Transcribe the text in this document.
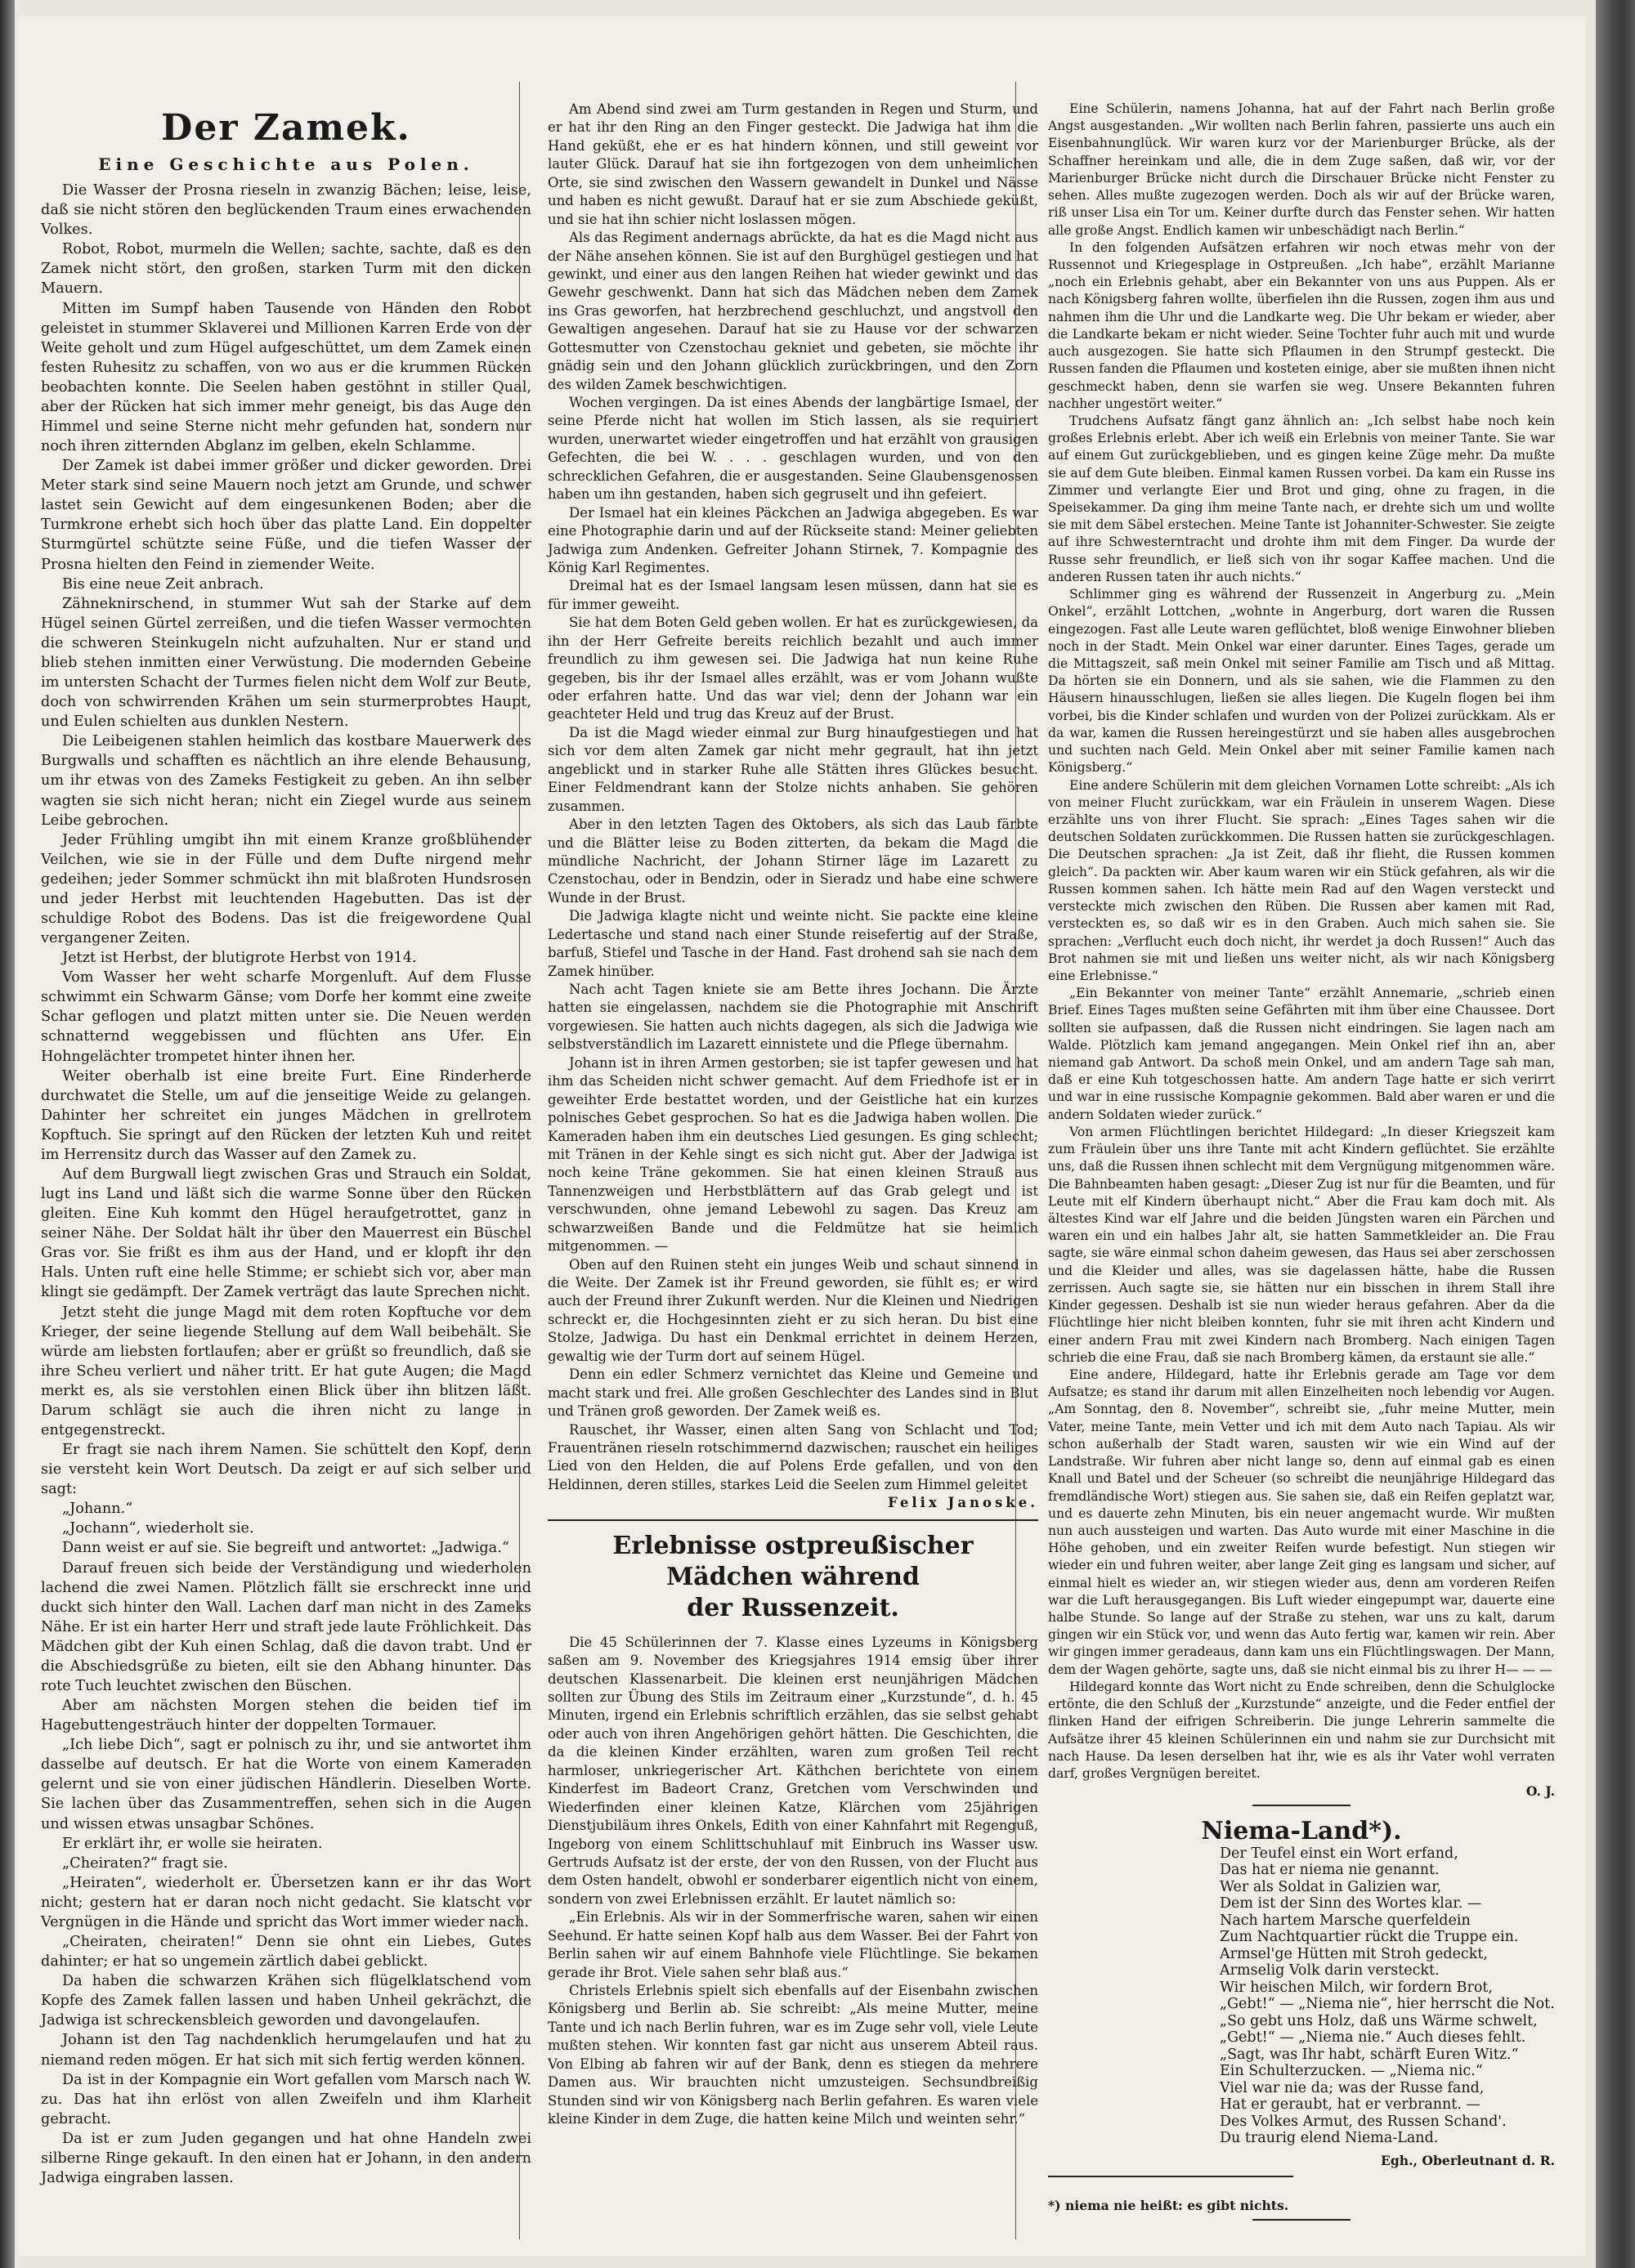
Der Zamek.
Eine Geschichte aus Polen.

Die Wasser der Prosna rieseln in zwanzig Bächen; leise, leise, daß sie nicht stören den beglückenden Traum eines erwachenden Volkes.

Robot, Robot, murmeln die Wellen; sachte, sachte, daß es den Zamek nicht stört, den großen, starken Turm mit den dicken Mauern.

Mitten im Sumpf haben Tausende von Händen den Robot geleistet in stummer Sklaverei und Millionen Karren Erde von der Weite geholt und zum Hügel aufgeschüttet, um dem Zamek einen festen Ruhesitz zu schaffen, von wo aus er die krummen Rücken beobachten konnte. Die Seelen haben gestöhnt in stiller Qual, aber der Rücken hat sich immer mehr geneigt, bis das Auge den Himmel und seine Sterne nicht mehr gefunden hat, sondern nur noch ihren zitternden Abglanz im gelben, ekeln Schlamme.

Der Zamek ist dabei immer größer und dicker geworden. Drei Meter stark sind seine Mauern noch jetzt am Grunde, und schwer lastet sein Gewicht auf dem eingesunkenen Boden; aber die Turmkrone erhebt sich hoch über das platte Land. Ein doppelter Sturmgürtel schützte seine Füße, und die tiefen Wasser der Prosna hielten den Feind in ziemender Weite.

Bis eine neue Zeit anbrach.

Zähneknirschend, in stummer Wut sah der Starke auf dem Hügel seinen Gürtel zerreißen, und die tiefen Wasser vermochten die schweren Steinkugeln nicht aufzuhalten. Nur er stand und blieb stehen inmitten einer Verwüstung. Die modernden Gebeine im untersten Schacht der Turmes fielen nicht dem Wolf zur Beute, doch von schwirrenden Krähen um sein sturmerprobtes Haupt, und Eulen schielten aus dunklen Nestern.

Die Leibeigenen stahlen heimlich das kostbare Mauerwerk des Burgwalls und schafften es nächtlich an ihre elende Behausung, um ihr etwas von des Zameks Festigkeit zu geben. An ihn selber wagten sie sich nicht heran; nicht ein Ziegel wurde aus seinem Leibe gebrochen.

Jeder Frühling umgibt ihn mit einem Kranze großblühender Veilchen, wie sie in der Fülle und dem Dufte nirgend mehr gedeihen; jeder Sommer schmückt ihn mit blaßroten Hundsrosen und jeder Herbst mit leuchtenden Hagebutten. Das ist der schuldige Robot des Bodens. Das ist die freigewordene Qual vergangener Zeiten.

Jetzt ist Herbst, der blutigrote Herbst von 1914.

Vom Wasser her weht scharfe Morgenluft. Auf dem Flusse schwimmt ein Schwarm Gänse; vom Dorfe her kommt eine zweite Schar geflogen und platzt mitten unter sie. Die Neuen werden schnatternd weggebissen und flüchten ans Ufer. Ein Hohngelächter trompetet hinter ihnen her.

Weiter oberhalb ist eine breite Furt. Eine Rinderherde durchwatet die Stelle, um auf die jenseitige Weide zu gelangen. Dahinter her schreitet ein junges Mädchen in grellrotem Kopftuch. Sie springt auf den Rücken der letzten Kuh und reitet im Herrensitz durch das Wasser auf den Zamek zu.

Auf dem Burgwall liegt zwischen Gras und Strauch ein Soldat, lugt ins Land und läßt sich die warme Sonne über den Rücken gleiten. Eine Kuh kommt den Hügel heraufgetrottet, ganz in seiner Nähe. Der Soldat hält ihr über den Mauerrest ein Büschel Gras vor. Sie frißt es ihm aus der Hand, und er klopft ihr den Hals. Unten ruft eine helle Stimme; er schiebt sich vor, aber man klingt sie gedämpft. Der Zamek verträgt das laute Sprechen nicht.

Jetzt steht die junge Magd mit dem roten Kopftuche vor dem Krieger, der seine liegende Stellung auf dem Wall beibehält. Sie würde am liebsten fortlaufen; aber er grüßt so freundlich, daß sie ihre Scheu verliert und näher tritt. Er hat gute Augen; die Magd merkt es, als sie verstohlen einen Blick über ihn blitzen läßt. Darum schlägt sie auch die ihren nicht zu lange in entgegenstreckt.

Er fragt sie nach ihrem Namen. Sie schüttelt den Kopf, denn sie versteht kein Wort Deutsch. Da zeigt er auf sich selber und sagt:

„Johann.“

„Jochann“, wiederholt sie.

Dann weist er auf sie. Sie begreift und antwortet: „Jadwiga.“

Darauf freuen sich beide der Verständigung und wiederholen lachend die zwei Namen. Plötzlich fällt sie erschreckt inne und duckt sich hinter den Wall. Lachen darf man nicht in des Zameks Nähe. Er ist ein harter Herr und straft jede laute Fröhlichkeit. Das Mädchen gibt der Kuh einen Schlag, daß die davon trabt. Und er die Abschiedsgrüße zu bieten, eilt sie den Abhang hinunter. Das rote Tuch leuchtet zwischen den Büschen.

Aber am nächsten Morgen stehen die beiden tief im Hagebuttengesträuch hinter der doppelten Tormauer.

„Ich liebe Dich“, sagt er polnisch zu ihr, und sie antwortet ihm dasselbe auf deutsch. Er hat die Worte von einem Kameraden gelernt und sie von einer jüdischen Händlerin. Dieselben Worte. Sie lachen über das Zusammentreffen, sehen sich in die Augen und wissen etwas unsagbar Schönes.

Er erklärt ihr, er wolle sie heiraten.

„Cheiraten?“ fragt sie.

„Heiraten“, wiederholt er. Übersetzen kann er ihr das Wort nicht; gestern hat er daran noch nicht gedacht. Sie klatscht vor Vergnügen in die Hände und spricht das Wort immer wieder nach.

„Cheiraten, cheiraten!“ Denn sie ohnt ein Liebes, Gutes dahinter; er hat so ungemein zärtlich dabei geblickt.

Da haben die schwarzen Krähen sich flügelklatschend vom Kopfe des Zamek fallen lassen und haben Unheil gekrächzt, die Jadwiga ist schreckensbleich geworden und davongelaufen.

Johann ist den Tag nachdenklich herumgelaufen und hat zu niemand reden mögen. Er hat sich mit sich fertig werden können.

Da ist in der Kompagnie ein Wort gefallen vom Marsch nach W. zu. Das hat ihn erlöst von allen Zweifeln und ihm Klarheit gebracht.

Da ist er zum Juden gegangen und hat ohne Handeln zwei silberne Ringe gekauft. In den einen hat er Johann, in den andern Jadwiga eingraben lassen.

Am Abend sind zwei am Turm gestanden in Regen und Sturm, und er hat ihr den Ring an den Finger gesteckt. Die Jadwiga hat ihm die Hand geküßt, ehe er es hat hindern können, und still geweint vor lauter Glück. Darauf hat sie ihn fortgezogen von dem unheimlichen Orte, sie sind zwischen den Wassern gewandelt in Dunkel und Nässe und haben es nicht gewußt. Darauf hat er sie zum Abschiede geküßt, und sie hat ihn schier nicht loslassen mögen.

Als das Regiment andernags abrückte, da hat es die Magd nicht aus der Nähe ansehen können. Sie ist auf den Burghügel gestiegen und hat gewinkt, und einer aus den langen Reihen hat wieder gewinkt und das Gewehr geschwenkt. Dann hat sich das Mädchen neben dem Zamek ins Gras geworfen, hat herzbrechend geschluchzt, und angstvoll den Gewaltigen angesehen. Darauf hat sie zu Hause vor der schwarzen Gottesmutter von Czenstochau gekniet und gebeten, sie möchte ihr gnädig sein und den Johann glücklich zurückbringen, und den Zorn des wilden Zamek beschwichtigen.

Wochen vergingen. Da ist eines Abends der langbärtige Ismael, der seine Pferde nicht hat wollen im Stich lassen, als sie requiriert wurden, unerwartet wieder eingetroffen und hat erzählt von grausigen Gefechten, die bei W. . . . geschlagen wurden, und von den schrecklichen Gefahren, die er ausgestanden. Seine Glaubensgenossen haben um ihn gestanden, haben sich gegruselt und ihn gefeiert.

Der Ismael hat ein kleines Päckchen an Jadwiga abgegeben. Es war eine Photographie darin und auf der Rückseite stand: Meiner geliebten Jadwiga zum Andenken. Gefreiter Johann Stirnek, 7. Kompagnie des König Karl Regimentes.

Dreimal hat es der Ismael langsam lesen müssen, dann hat sie es für immer geweiht.

Sie hat dem Boten Geld geben wollen. Er hat es zurückgewiesen, da ihn der Herr Gefreite bereits reichlich bezahlt und auch immer freundlich zu ihm gewesen sei. Die Jadwiga hat nun keine Ruhe gegeben, bis ihr der Ismael alles erzählt, was er vom Johann wußte oder erfahren hatte. Und das war viel; denn der Johann war ein geachteter Held und trug das Kreuz auf der Brust.

Da ist die Magd wieder einmal zur Burg hinaufgestiegen und hat sich vor dem alten Zamek gar nicht mehr gegrault, hat ihn jetzt angeblickt und in starker Ruhe alle Stätten ihres Glückes besucht. Einer Feldmendrant kann der Stolze nichts anhaben. Sie gehören zusammen.

Aber in den letzten Tagen des Oktobers, als sich das Laub färbte und die Blätter leise zu Boden zitterten, da bekam die Magd die mündliche Nachricht, der Johann Stirner läge im Lazarett zu Czenstochau, oder in Bendzin, oder in Sieradz und habe eine schwere Wunde in der Brust.

Die Jadwiga klagte nicht und weinte nicht. Sie packte eine kleine Ledertasche und stand nach einer Stunde reisefertig auf der Straße, barfuß, Stiefel und Tasche in der Hand. Fast drohend sah sie nach dem Zamek hinüber.

Nach acht Tagen kniete sie am Bette ihres Jochann. Die Ärzte hatten sie eingelassen, nachdem sie die Photographie mit Anschrift vorgewiesen. Sie hatten auch nichts dagegen, als sich die Jadwiga wie selbstverständlich im Lazarett einnistete und die Pflege übernahm.

Johann ist in ihren Armen gestorben; sie ist tapfer gewesen und hat ihm das Scheiden nicht schwer gemacht. Auf dem Friedhofe ist er in geweihter Erde bestattet worden, und der Geistliche hat ein kurzes polnisches Gebet gesprochen. So hat es die Jadwiga haben wollen. Die Kameraden haben ihm ein deutsches Lied gesungen. Es ging schlecht; mit Tränen in der Kehle singt es sich nicht gut. Aber der Jadwiga ist noch keine Träne gekommen. Sie hat einen kleinen Strauß aus Tannenzweigen und Herbstblättern auf das Grab gelegt und ist verschwunden, ohne jemand Lebewohl zu sagen. Das Kreuz am schwarzweißen Bande und die Feldmütze hat sie heimlich mitgenommen. —

Oben auf den Ruinen steht ein junges Weib und schaut sinnend in die Weite. Der Zamek ist ihr Freund geworden, sie fühlt es; er wird auch der Freund ihrer Zukunft werden. Nur die Kleinen und Niedrigen schreckt er, die Hochgesinnten zieht er zu sich heran. Du bist eine Stolze, Jadwiga. Du hast ein Denkmal errichtet in deinem Herzen, gewaltig wie der Turm dort auf seinem Hügel.

Denn ein edler Schmerz vernichtet das Kleine und Gemeine und macht stark und frei. Alle großen Geschlechter des Landes sind in Blut und Tränen groß geworden. Der Zamek weiß es.

Rauschet, ihr Wasser, einen alten Sang von Schlacht und Tod; Frauentränen rieseln rotschimmernd dazwischen; rauschet ein heiliges Lied von den Helden, die auf Polens Erde gefallen, und von den Heldinnen, deren stilles, starkes Leid die Seelen zum Himmel geleitet

Felix Janoske.
Erlebnisse ostpreußischer Mädchen während
der Russenzeit.

Die 45 Schülerinnen der 7. Klasse eines Lyzeums in Königsberg saßen am 9. November des Kriegsjahres 1914 emsig über ihrer deutschen Klassenarbeit. Die kleinen erst neunjährigen Mädchen sollten zur Übung des Stils im Zeitraum einer „Kurzstunde“, d. h. 45 Minuten, irgend ein Erlebnis schriftlich erzählen, das sie selbst gehabt oder auch von ihren Angehörigen gehört hätten. Die Geschichten, die da die kleinen Kinder erzählten, waren zum großen Teil recht harmloser, unkriegerischer Art. Käthchen berichtete von einem Kinderfest im Badeort Cranz, Gretchen vom Verschwinden und Wiederfinden einer kleinen Katze, Klärchen vom 25jährigen Dienstjubiläum ihres Onkels, Edith von einer Kahnfahrt mit Regenguß, Ingeborg von einem Schlittschuhlauf mit Einbruch ins Wasser usw. Gertruds Aufsatz ist der erste, der von den Russen, von der Flucht aus dem Osten handelt, obwohl er sonderbarer eigentlich nicht von einem, sondern von zwei Erlebnissen erzählt. Er lautet nämlich so:

„Ein Erlebnis. Als wir in der Sommerfrische waren, sahen wir einen Seehund. Er hatte seinen Kopf halb aus dem Wasser. Bei der Fahrt von Berlin sahen wir auf einem Bahnhofe viele Flüchtlinge. Sie bekamen gerade ihr Brot. Viele sahen sehr blaß aus.“

Christels Erlebnis spielt sich ebenfalls auf der Eisenbahn zwischen Königsberg und Berlin ab. Sie schreibt: „Als meine Mutter, meine Tante und ich nach Berlin fuhren, war es im Zuge sehr voll, viele Leute mußten stehen. Wir konnten fast gar nicht aus unserem Abteil raus. Von Elbing ab fahren wir auf der Bank, denn es stiegen da mehrere Damen aus. Wir brauchten nicht umzusteigen. Sechsundbreißig Stunden sind wir von Königsberg nach Berlin gefahren. Es waren viele kleine Kinder in dem Zuge, die hatten keine Milch und weinten sehr.“

Eine Schülerin, namens Johanna, hat auf der Fahrt nach Berlin große Angst ausgestanden. „Wir wollten nach Berlin fahren, passierte uns auch ein Eisenbahnunglück. Wir waren kurz vor der Marienburger Brücke, als der Schaffner hereinkam und alle, die in dem Zuge saßen, daß wir, vor der Marienburger Brücke nicht durch die Dirschauer Brücke nicht Fenster zu sehen. Alles mußte zugezogen werden. Doch als wir auf der Brücke waren, riß unser Lisa ein Tor um. Keiner durfte durch das Fenster sehen. Wir hatten alle große Angst. Endlich kamen wir unbeschädigt nach Berlin.“

In den folgenden Aufsätzen erfahren wir noch etwas mehr von der Russennot und Kriegesplage in Ostpreußen. „Ich habe“, erzählt Marianne „noch ein Erlebnis gehabt, aber ein Bekannter von uns aus Puppen. Als er nach Königsberg fahren wollte, überfielen ihn die Russen, zogen ihm aus und nahmen ihm die Uhr und die Landkarte weg. Die Uhr bekam er wieder, aber die Landkarte bekam er nicht wieder. Seine Tochter fuhr auch mit und wurde auch ausgezogen. Sie hatte sich Pflaumen in den Strumpf gesteckt. Die Russen fanden die Pflaumen und kosteten einige, aber sie mußten ihnen nicht geschmeckt haben, denn sie warfen sie weg. Unsere Bekannten fuhren nachher ungestört weiter.“

Trudchens Aufsatz fängt ganz ähnlich an: „Ich selbst habe noch kein großes Erlebnis erlebt. Aber ich weiß ein Erlebnis von meiner Tante. Sie war auf einem Gut zurückgeblieben, und es gingen keine Züge mehr. Da mußte sie auf dem Gute bleiben. Einmal kamen Russen vorbei. Da kam ein Russe ins Zimmer und verlangte Eier und Brot und ging, ohne zu fragen, in die Speisekammer. Da ging ihm meine Tante nach, er drehte sich um und wollte sie mit dem Säbel erstechen. Meine Tante ist Johanniter-Schwester. Sie zeigte auf ihre Schwesterntracht und drohte ihm mit dem Finger. Da wurde der Russe sehr freundlich, er ließ sich von ihr sogar Kaffee machen. Und die anderen Russen taten ihr auch nichts.“

Schlimmer ging es während der Russenzeit in Angerburg zu. „Mein Onkel“, erzählt Lottchen, „wohnte in Angerburg, dort waren die Russen eingezogen. Fast alle Leute waren geflüchtet, bloß wenige Einwohner blieben noch in der Stadt. Mein Onkel war einer darunter. Eines Tages, gerade um die Mittagszeit, saß mein Onkel mit seiner Familie am Tisch und aß Mittag. Da hörten sie ein Donnern, und als sie sahen, wie die Flammen zu den Häusern hinausschlugen, ließen sie alles liegen. Die Kugeln flogen bei ihm vorbei, bis die Kinder schlafen und wurden von der Polizei zurückkam. Als er da war, kamen die Russen hereingestürzt und sie haben alles ausgebrochen und suchten nach Geld. Mein Onkel aber mit seiner Familie kamen nach Königsberg.“

Eine andere Schülerin mit dem gleichen Vornamen Lotte schreibt: „Als ich von meiner Flucht zurückkam, war ein Fräulein in unserem Wagen. Diese erzählte uns von ihrer Flucht. Sie sprach: „Eines Tages sahen wir die deutschen Soldaten zurückkommen. Die Russen hatten sie zurückgeschlagen. Die Deutschen sprachen: „Ja ist Zeit, daß ihr flieht, die Russen kommen gleich“. Da packten wir. Aber kaum waren wir ein Stück gefahren, als wir die Russen kommen sahen. Ich hätte mein Rad auf den Wagen versteckt und versteckte mich zwischen den Rüben. Die Russen aber kamen mit Rad, versteckten es, so daß wir es in den Graben. Auch mich sahen sie. Sie sprachen: „Verflucht euch doch nicht, ihr werdet ja doch Russen!“ Auch das Brot nahmen sie mit und ließen uns weiter nicht, als wir nach Königsberg eine Erlebnisse.“

„Ein Bekannter von meiner Tante“ erzählt Annemarie, „schrieb einen Brief. Eines Tages mußten seine Gefährten mit ihm über eine Chaussee. Dort sollten sie aufpassen, daß die Russen nicht eindringen. Sie lagen nach am Walde. Plötzlich kam jemand angegangen. Mein Onkel rief ihn an, aber niemand gab Antwort. Da schoß mein Onkel, und am andern Tage sah man, daß er eine Kuh totgeschossen hatte. Am andern Tage hatte er sich verirrt und war in eine russische Kompagnie gekommen. Bald aber waren er und die andern Soldaten wieder zurück.“

Von armen Flüchtlingen berichtet Hildegard: „In dieser Kriegszeit kam zum Fräulein über uns ihre Tante mit acht Kindern geflüchtet. Sie erzählte uns, daß die Russen ihnen schlecht mit dem Vergnügung mitgenommen wäre. Die Bahnbeamten haben gesagt: „Dieser Zug ist nur für die Beamten, und für Leute mit elf Kindern überhaupt nicht.“ Aber die Frau kam doch mit. Als ältestes Kind war elf Jahre und die beiden Jüngsten waren ein Pärchen und waren ein und ein halbes Jahr alt, sie hatten Sammetkleider an. Die Frau sagte, sie wäre einmal schon daheim gewesen, das Haus sei aber zerschossen und die Kleider und alles, was sie dagelassen hätte, habe die Russen zerrissen. Auch sagte sie, sie hätten nur ein bisschen in ihrem Stall ihre Kinder gegessen. Deshalb ist sie nun wieder heraus gefahren. Aber da die Flüchtlinge hier nicht bleiben konnten, fuhr sie mit ihren acht Kindern und einer andern Frau mit zwei Kindern nach Bromberg. Nach einigen Tagen schrieb die eine Frau, daß sie nach Bromberg kämen, da erstaunt sie alle.“

Eine andere, Hildegard, hatte ihr Erlebnis gerade am Tage vor dem Aufsatze; es stand ihr darum mit allen Einzelheiten noch lebendig vor Augen. „Am Sonntag, den 8. November“, schreibt sie, „fuhr meine Mutter, mein Vater, meine Tante, mein Vetter und ich mit dem Auto nach Tapiau. Als wir schon außerhalb der Stadt waren, sausten wir wie ein Wind auf der Landstraße. Wir fuhren aber nicht lange so, denn auf einmal gab es einen Knall und Batel und der Scheuer (so schreibt die neunjährige Hildegard das fremdländische Wort) stiegen aus. Sie sahen sie, daß ein Reifen geplatzt war, und es dauerte zehn Minuten, bis ein neuer angemacht wurde. Wir mußten nun auch aussteigen und warten. Das Auto wurde mit einer Maschine in die Höhe gehoben, und ein zweiter Reifen wurde befestigt. Nun stiegen wir wieder ein und fuhren weiter, aber lange Zeit ging es langsam und sicher, auf einmal hielt es wieder an, wir stiegen wieder aus, denn am vorderen Reifen war die Luft herausgegangen. Bis Luft wieder eingepumpt war, dauerte eine halbe Stunde. So lange auf der Straße zu stehen, war uns zu kalt, darum gingen wir ein Stück vor, und wenn das Auto fertig war, kamen wir rein. Aber wir gingen immer geradeaus, dann kam uns ein Flüchtlingswagen. Der Mann, dem der Wagen gehörte, sagte uns, daß sie nicht einmal bis zu ihrer H— — —

Hildegard konnte das Wort nicht zu Ende schreiben, denn die Schulglocke ertönte, die den Schluß der „Kurzstunde“ anzeigte, und die Feder entfiel der flinken Hand der eifrigen Schreiberin. Die junge Lehrerin sammelte die Aufsätze ihrer 45 kleinen Schülerinnen ein und nahm sie zur Durchsicht mit nach Hause. Da lesen derselben hat ihr, wie es als ihr Vater wohl verraten darf, großes Vergnügen bereitet.

O. J.
Niema-Land*).
Der Teufel einst ein Wort erfand,
Das hat er niema nie genannt.
Wer als Soldat in Galizien war,
Dem ist der Sinn des Wortes klar. —
Nach hartem Marsche querfeldein
Zum Nachtquartier rückt die Truppe ein.
Armsel'ge Hütten mit Stroh gedeckt,
Armselig Volk darin versteckt.
Wir heischen Milch, wir fordern Brot,
„Gebt!“ — „Niema nie“, hier herrscht die Not.
„So gebt uns Holz, daß uns Wärme schwelt,
„Gebt!“ — „Niema nie.“ Auch dieses fehlt.
„Sagt, was Ihr habt, schärft Euren Witz.“
Ein Schulterzucken. — „Niema nic.“
Viel war nie da; was der Russe fand,
Hat er geraubt, hat er verbrannt. —
Des Volkes Armut, des Russen Schand'.
Du traurig elend Niema-Land.
Egh., Oberleutnant d. R.
*) niema nie heißt: es gibt nichts.
